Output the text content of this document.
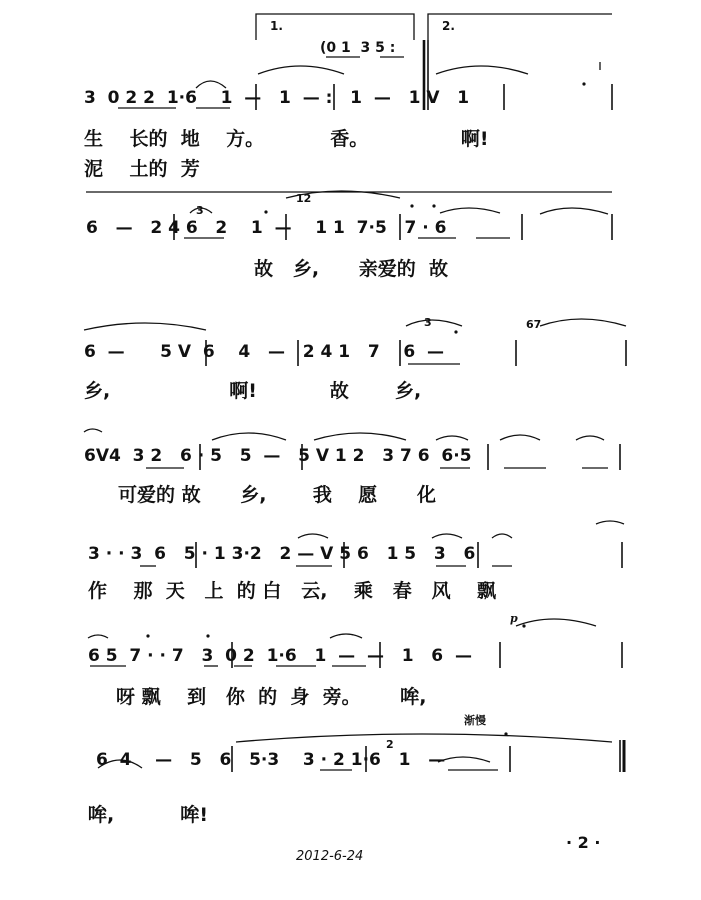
1.	2.
(0 1  3 5 :
3  0 2 2  1·6    1  —   1  — :   1  —   1 V   1
生    长的  地    方。          香。              啊!
泥    土的  芳
12
3
6   —   2 4 6   2    1  —    1 1  7·5   7 · 6
故   乡,      亲爱的  故
67
3
6  —      5 V  6    4   —   2 4 1   7    6  —
乡,                  啊!           故       乡,
6V4  3 2   6 · 5   5  —   5 V 1 2   3 7 6  6·5
可爱的 故      乡,       我    愿      化
3 · · 3  6   5 · 1 3·2   2 — V 5 6   1 5   3   6
作    那  天   上  的 白   云,    乘   春   风    飘
p
6 5  7 · · 7   3  0 2  1·6   1  —  —   1   6  —
呀 飘    到   你  的  身  旁。      哞,
渐慢
2
6  4    —   5   6   5·3    3 · 2 1·6   1   —
哞,          哞!
· 2 ·
2012-6-24
